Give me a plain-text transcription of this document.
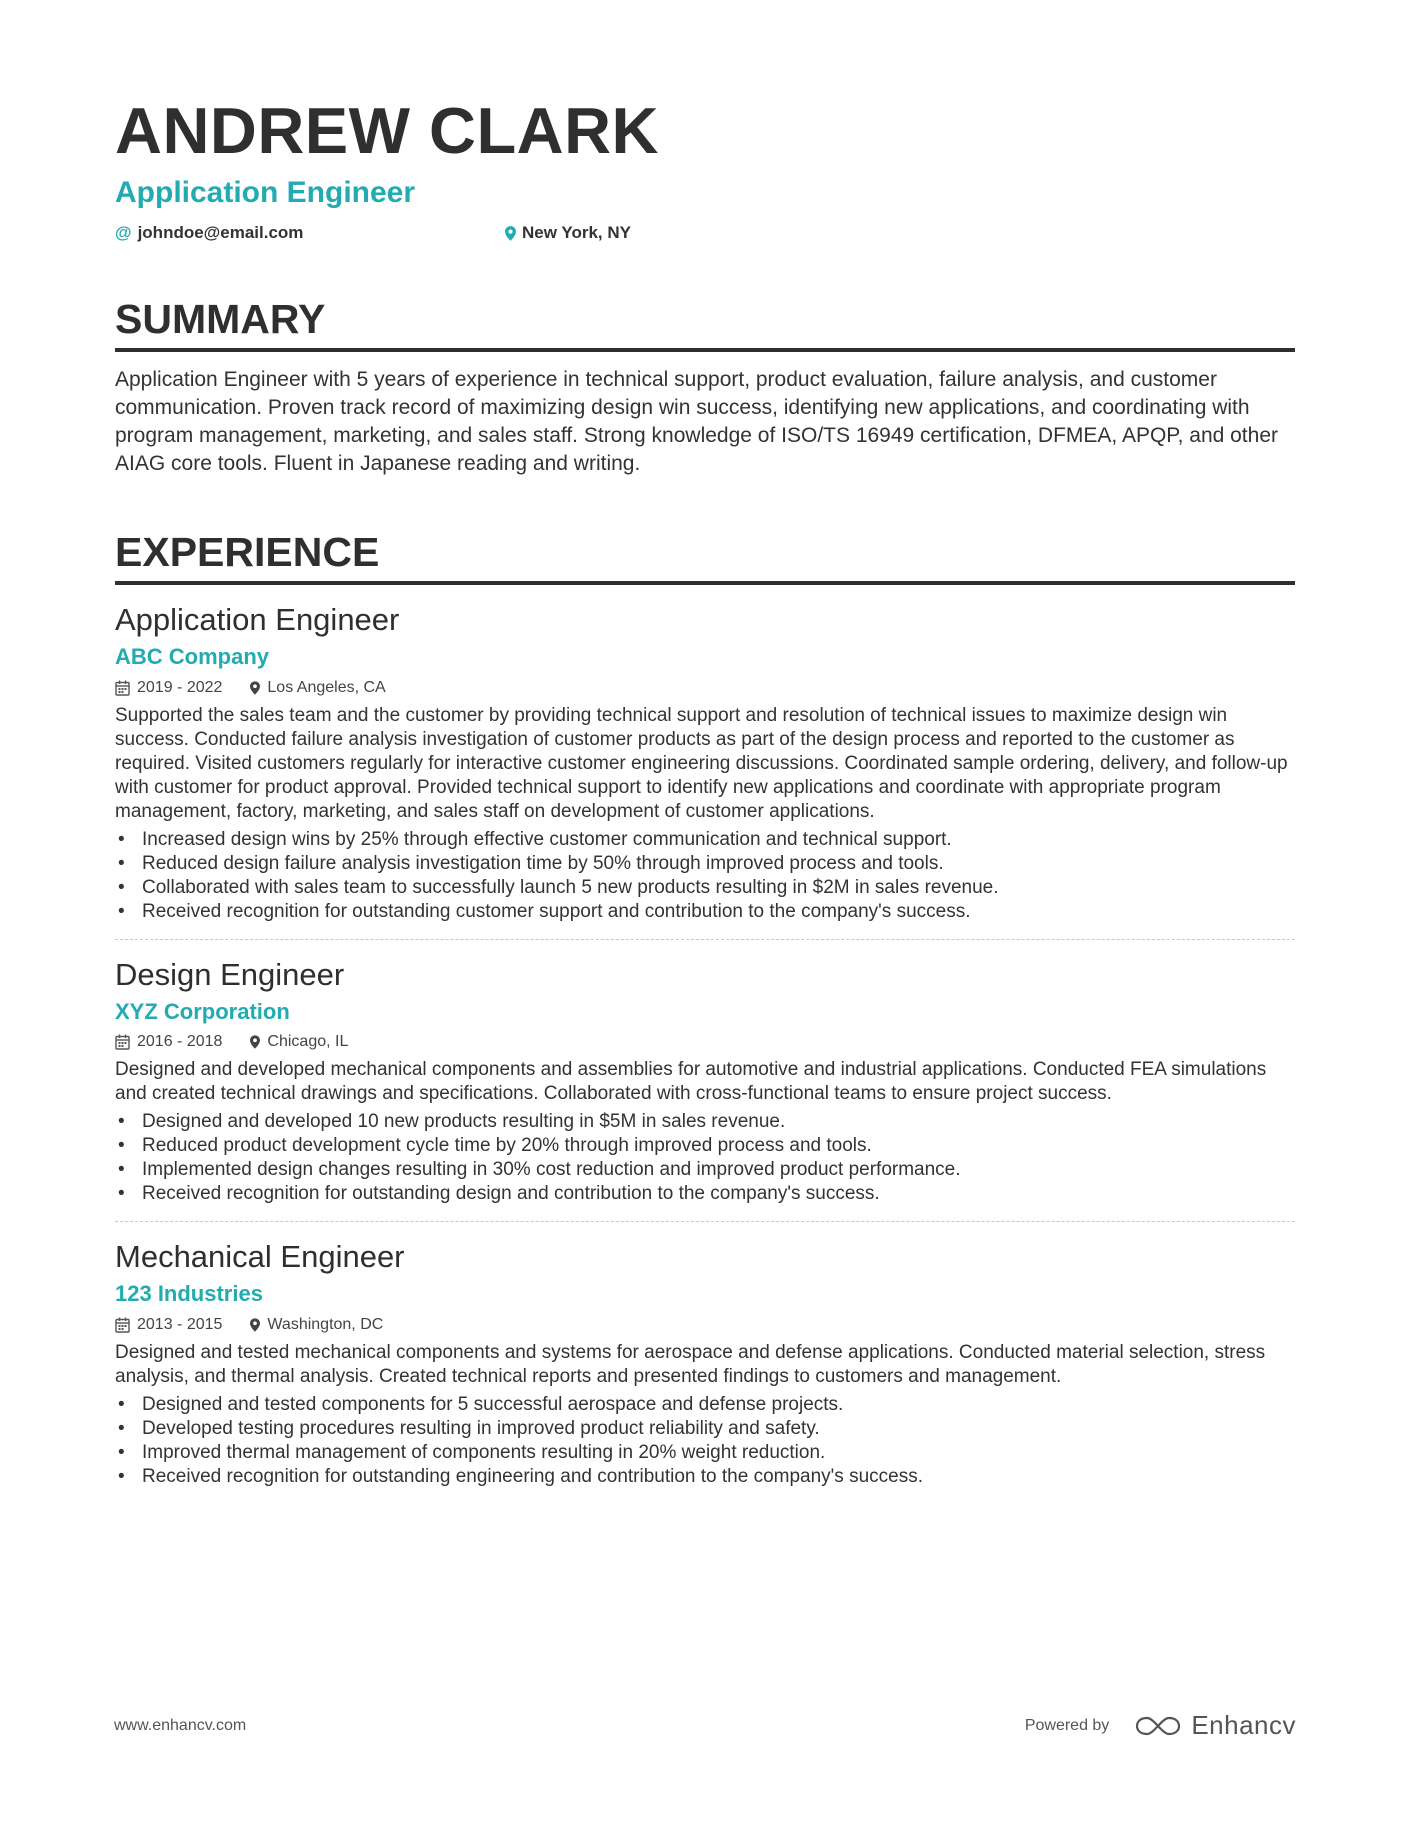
ANDREW CLARK
Application Engineer
@ johndoe@email.com	New York, NY
SUMMARY
Application Engineer with 5 years of experience in technical support, product evaluation, failure analysis, and customer communication. Proven track record of maximizing design win success, identifying new applications, and coordinating with program management, marketing, and sales staff. Strong knowledge of ISO/TS 16949 certification, DFMEA, APQP, and other AIAG core tools. Fluent in Japanese reading and writing.
EXPERIENCE
Application Engineer
ABC Company
2019 - 2022	Los Angeles, CA
Supported the sales team and the customer by providing technical support and resolution of technical issues to maximize design win success. Conducted failure analysis investigation of customer products as part of the design process and reported to the customer as required. Visited customers regularly for interactive customer engineering discussions. Coordinated sample ordering, delivery, and follow-up with customer for product approval. Provided technical support to identify new applications and coordinate with appropriate program management, factory, marketing, and sales staff on development of customer applications.
• Increased design wins by 25% through effective customer communication and technical support.
• Reduced design failure analysis investigation time by 50% through improved process and tools.
• Collaborated with sales team to successfully launch 5 new products resulting in $2M in sales revenue.
• Received recognition for outstanding customer support and contribution to the company's success.
Design Engineer
XYZ Corporation
2016 - 2018	Chicago, IL
Designed and developed mechanical components and assemblies for automotive and industrial applications. Conducted FEA simulations and created technical drawings and specifications. Collaborated with cross-functional teams to ensure project success.
• Designed and developed 10 new products resulting in $5M in sales revenue.
• Reduced product development cycle time by 20% through improved process and tools.
• Implemented design changes resulting in 30% cost reduction and improved product performance.
• Received recognition for outstanding design and contribution to the company's success.
Mechanical Engineer
123 Industries
2013 - 2015	Washington, DC
Designed and tested mechanical components and systems for aerospace and defense applications. Conducted material selection, stress analysis, and thermal analysis. Created technical reports and presented findings to customers and management.
• Designed and tested components for 5 successful aerospace and defense projects.
• Developed testing procedures resulting in improved product reliability and safety.
• Improved thermal management of components resulting in 20% weight reduction.
• Received recognition for outstanding engineering and contribution to the company's success.
www.enhancv.com	Powered by	Enhancv
